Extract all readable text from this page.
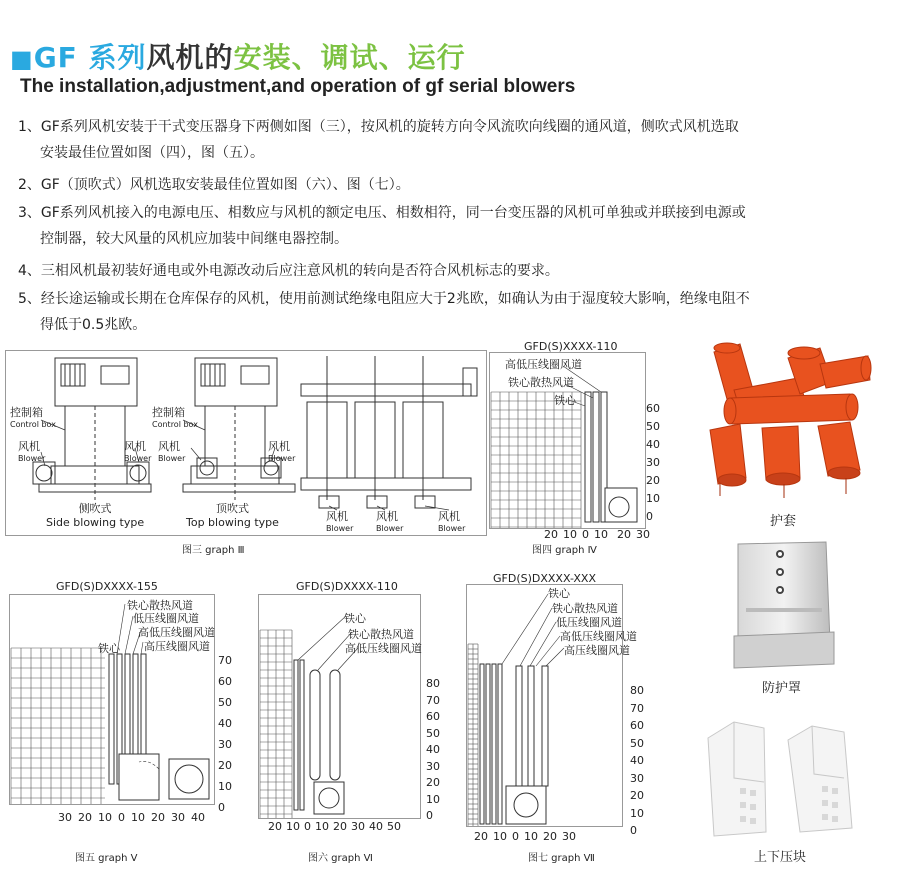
■GF 系列风机的安装、调试、运行
The installation,adjustment,and operation of gf serial blowers
1、GF系列风机安装于干式变压器身下两侧如图（三），按风机的旋转方向令风流吹向线圈的通风道，侧吹式风机选取
安装最佳位置如图（四），图（五）。
2、GF（顶吹式）风机选取安装最佳位置如图（六）、图（七）。
3、GF系列风机接入的电源电压、相数应与风机的额定电压、相数相符，同一台变压器的风机可单独或并联接到电源或
控制器，较大风量的风机应加装中间继电器控制。
4、三相风机最初装好通电或外电源改动后应注意风机的转向是否符合风机标志的要求。
5、经长途运输或长期在仓库保存的风机，使用前测试绝缘电阻应大于2兆欧，如确认为由于湿度较大影响，绝缘电阻不
得低于0.5兆欧。
控制箱
Control box
控制箱
Control box
风机
Blower
风机
Blower
风机
Blower
风机
Blower
风机
Blower
风机
Blower
风机
Blower
侧吹式
Side blowing type
顶吹式
Top blowing type
图三 graph Ⅲ
GFD(S)XXXX-110
高低压线圈风道
铁心散热风道
铁心
60
50
40
30
20
10
0
20 10 0 10 20 30
图四 graph Ⅳ
GFD(S)DXXXX-155
铁心散热风道
低压线圈风道
高低压线圈风道
高压线圈风道
铁心
70
60
50
40
30
20
10
0
30 20 10 0 10 20 30 40
图五 graph Ⅴ
GFD(S)DXXXX-110
铁心
铁心散热风道
高低压线圈风道
80
70
60
50
40
30
20
10
0
20 10 0 10 20 30 40 50
图六 graph Ⅵ
GFD(S)DXXXX-XXX
铁心
铁心散热风道
低压线圈风道
高低压线圈风道
高压线圈风道
80
70
60
50
40
30
20
10
0
20 10 0 10 20 30
图七 graph Ⅶ
护套
防护罩
上下压块
